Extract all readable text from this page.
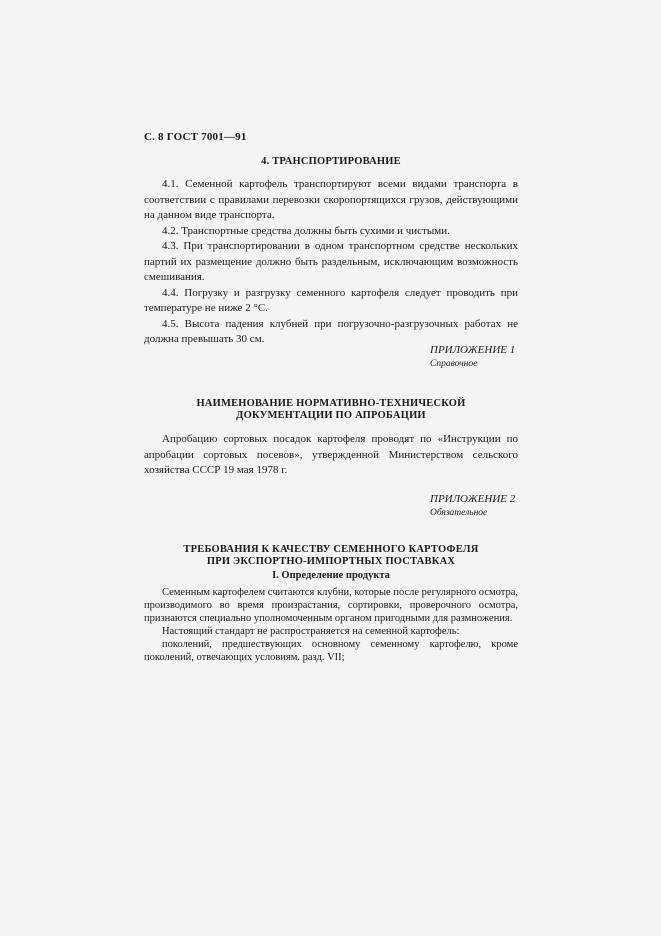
С. 8 ГОСТ 7001—91
4. ТРАНСПОРТИРОВАНИЕ

4.1. Семенной картофель транспортируют всеми видами транспорта в соответствии с правилами перевозки скоропортящихся грузов, действующими на данном виде транспорта.

4.2. Транспортные средства должны быть сухими и чистыми.

4.3. При транспортировании в одном транспортном средстве нескольких партий их размещение должно быть раздельным, исключающим возможность смешивания.

4.4. Погрузку и разгрузку семенного картофеля следует проводить при температуре не ниже 2 °С.

4.5. Высота падения клубней при погрузочно-разгрузочных работах не должна превышать 30 см.

ПРИЛОЖЕНИЕ 1
Справочное
НАИМЕНОВАНИЕ НОРМАТИВНО-ТЕХНИЧЕСКОЙ
ДОКУМЕНТАЦИИ ПО АПРОБАЦИИ

Апробацию сортовых посадок картофеля проводят по «Инструкции по апробации сортовых посевов», утвержденной Министерством сельского хозяйства СССР 19 мая 1978 г.

ПРИЛОЖЕНИЕ 2
Обязательное
ТРЕБОВАНИЯ К КАЧЕСТВУ СЕМЕННОГО КАРТОФЕЛЯ
ПРИ ЭКСПОРТНО-ИМПОРТНЫХ ПОСТАВКАХ
I. Определение продукта

Семенным картофелем считаются клубни, которые после регулярного осмотра, производимого во время произрастания, сортировки, проверочного осмотра, признаются специально уполномоченным органом пригодными для размножения.

Настоящий стандарт не распространяется на семенной картофель:

поколений, предшествующих основному семенному картофелю, кроме поколений, отвечающих условиям. разд. VII;
